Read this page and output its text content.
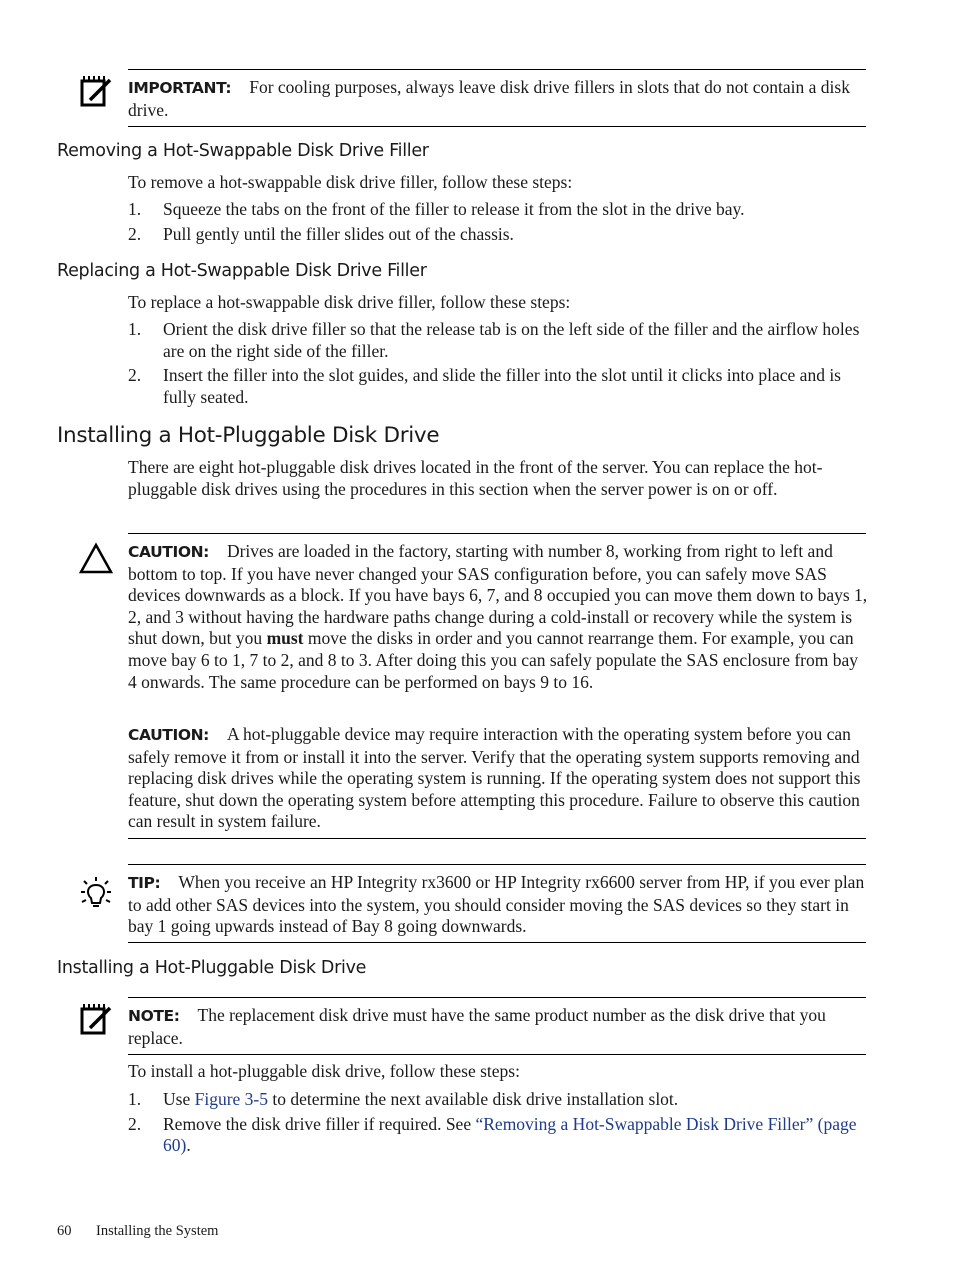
IMPORTANT: For cooling purposes, always leave disk drive fillers in slots that do not contain a disk drive.
Removing a Hot-Swappable Disk Drive Filler
To remove a hot-swappable disk drive filler, follow these steps:
1. Squeeze the tabs on the front of the filler to release it from the slot in the drive bay.
2. Pull gently until the filler slides out of the chassis.
Replacing a Hot-Swappable Disk Drive Filler
To replace a hot-swappable disk drive filler, follow these steps:
1. Orient the disk drive filler so that the release tab is on the left side of the filler and the airflow holes are on the right side of the filler.
2. Insert the filler into the slot guides, and slide the filler into the slot until it clicks into place and is fully seated.
Installing a Hot-Pluggable Disk Drive
There are eight hot-pluggable disk drives located in the front of the server. You can replace the hot-pluggable disk drives using the procedures in this section when the server power is on or off.
CAUTION: Drives are loaded in the factory, starting with number 8, working from right to left and bottom to top. If you have never changed your SAS configuration before, you can safely move SAS devices downwards as a block. If you have bays 6, 7, and 8 occupied you can move them down to bays 1, 2, and 3 without having the hardware paths change during a cold-install or recovery while the system is shut down, but you must move the disks in order and you cannot rearrange them. For example, you can move bay 6 to 1, 7 to 2, and 8 to 3. After doing this you can safely populate the SAS enclosure from bay 4 onwards. The same procedure can be performed on bays 9 to 16.
CAUTION: A hot-pluggable device may require interaction with the operating system before you can safely remove it from or install it into the server. Verify that the operating system supports removing and replacing disk drives while the operating system is running. If the operating system does not support this feature, shut down the operating system before attempting this procedure. Failure to observe this caution can result in system failure.
TIP: When you receive an HP Integrity rx3600 or HP Integrity rx6600 server from HP, if you ever plan to add other SAS devices into the system, you should consider moving the SAS devices so they start in bay 1 going upwards instead of Bay 8 going downwards.
Installing a Hot-Pluggable Disk Drive
NOTE: The replacement disk drive must have the same product number as the disk drive that you replace.
To install a hot-pluggable disk drive, follow these steps:
1. Use Figure 3-5 to determine the next available disk drive installation slot.
2. Remove the disk drive filler if required. See “Removing a Hot-Swappable Disk Drive Filler” (page 60).
60 Installing the System
